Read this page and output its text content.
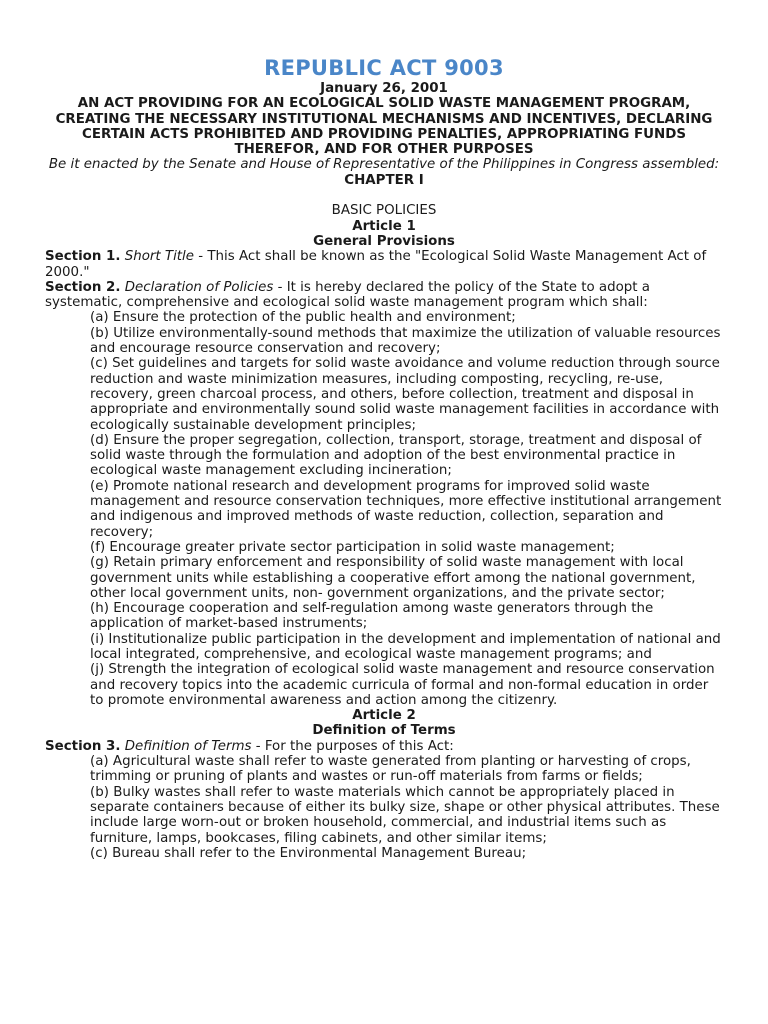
REPUBLIC ACT 9003

January 26, 2001

AN ACT PROVIDING FOR AN ECOLOGICAL SOLID WASTE MANAGEMENT PROGRAM, CREATING THE NECESSARY INSTITUTIONAL MECHANISMS AND INCENTIVES, DECLARING CERTAIN ACTS PROHIBITED AND PROVIDING PENALTIES, APPROPRIATING FUNDS THEREFOR, AND FOR OTHER PURPOSES

Be it enacted by the Senate and House of Representative of the Philippines in Congress assembled:

CHAPTER I

BASIC POLICIES

Article 1

General Provisions

Section 1. Short Title - This Act shall be known as the "Ecological Solid Waste Management Act of 2000."

Section 2. Declaration of Policies - It is hereby declared the policy of the State to adopt a systematic, comprehensive and ecological solid waste management program which shall:

(a) Ensure the protection of the public health and environment;

(b) Utilize environmentally-sound methods that maximize the utilization of valuable resources and encourage resource conservation and recovery;

(c) Set guidelines and targets for solid waste avoidance and volume reduction through source reduction and waste minimization measures, including composting, recycling, re-use, recovery, green charcoal process, and others, before collection, treatment and disposal in appropriate and environmentally sound solid waste management facilities in accordance with ecologically sustainable development principles;

(d) Ensure the proper segregation, collection, transport, storage, treatment and disposal of solid waste through the formulation and adoption of the best environmental practice in ecological waste management excluding incineration;

(e) Promote national research and development programs for improved solid waste management and resource conservation techniques, more effective institutional arrangement and indigenous and improved methods of waste reduction, collection, separation and recovery;

(f) Encourage greater private sector participation in solid waste management;

(g) Retain primary enforcement and responsibility of solid waste management with local government units while establishing a cooperative effort among the national government, other local government units, non- government organizations, and the private sector;

(h) Encourage cooperation and self-regulation among waste generators through the application of market-based instruments;

(i) Institutionalize public participation in the development and implementation of national and local integrated, comprehensive, and ecological waste management programs; and

(j) Strength the integration of ecological solid waste management and resource conservation and recovery topics into the academic curricula of formal and non-formal education in order to promote environmental awareness and action among the citizenry.

Article 2

Definition of Terms

Section 3. Definition of Terms - For the purposes of this Act:

(a) Agricultural waste shall refer to waste generated from planting or harvesting of crops, trimming or pruning of plants and wastes or run-off materials from farms or fields;

(b) Bulky wastes shall refer to waste materials which cannot be appropriately placed in separate containers because of either its bulky size, shape or other physical attributes. These include large worn-out or broken household, commercial, and industrial items such as furniture, lamps, bookcases, filing cabinets, and other similar items;

(c) Bureau shall refer to the Environmental Management Bureau;
